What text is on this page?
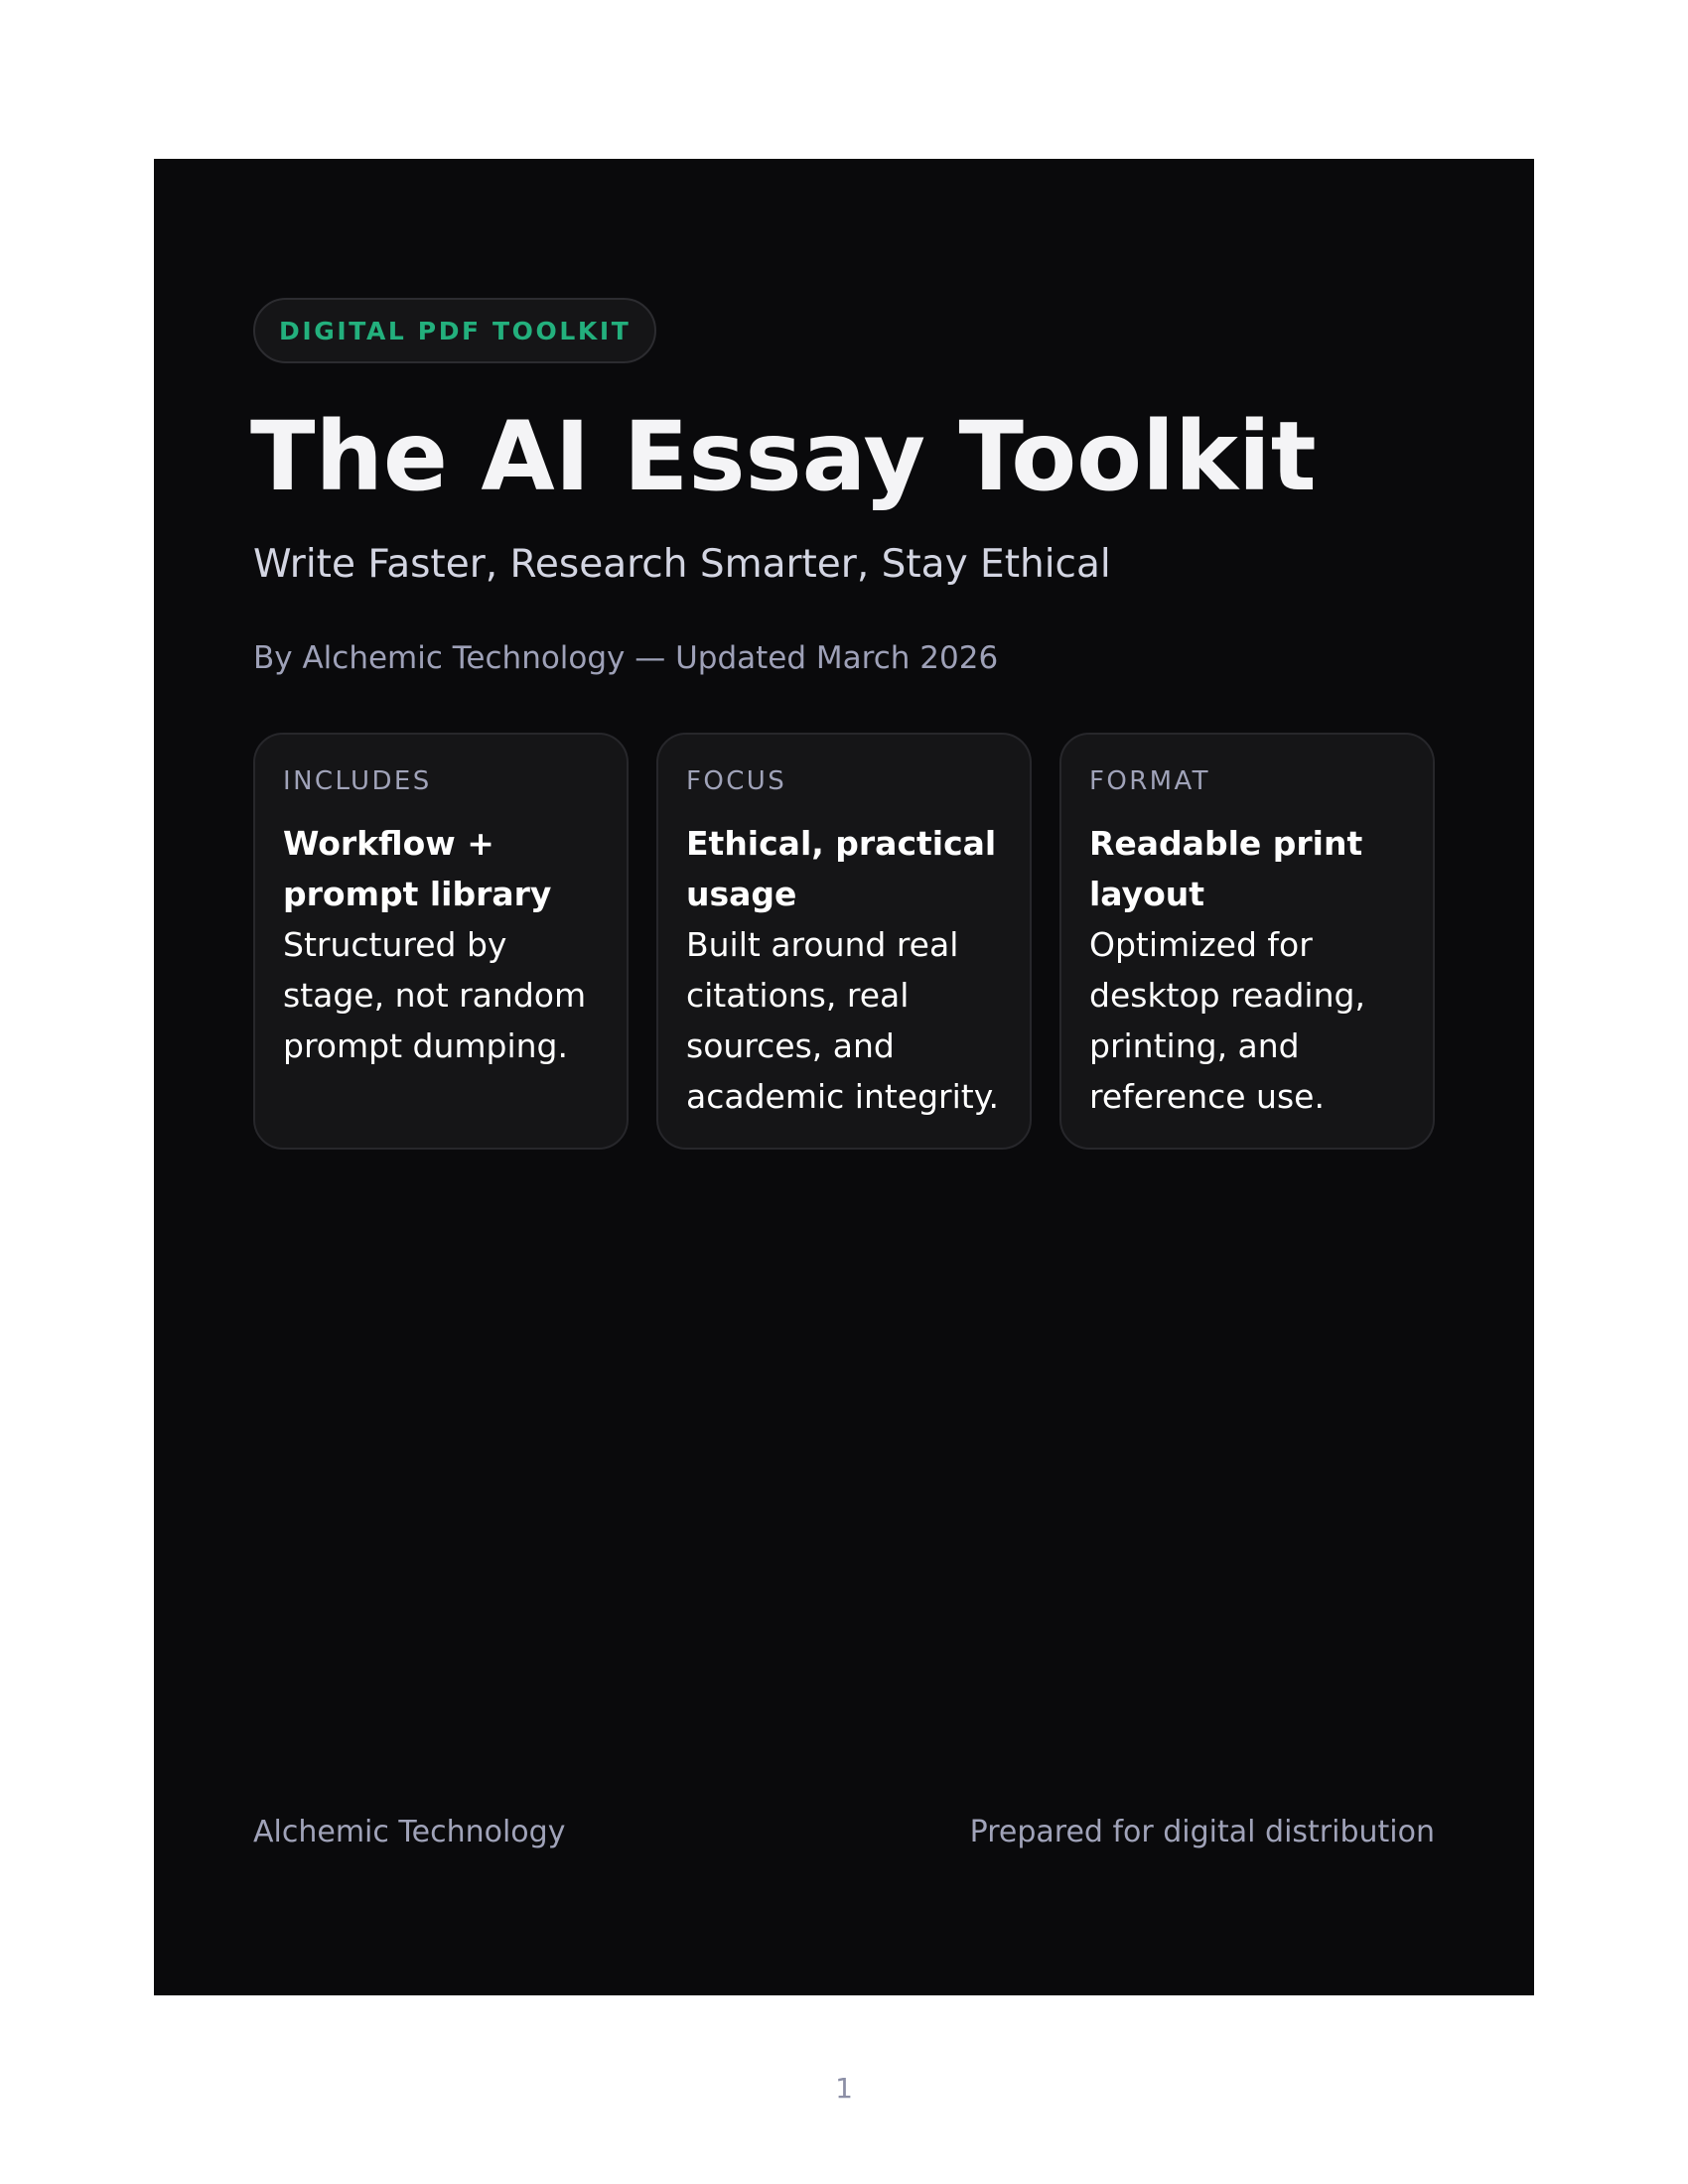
DIGITAL PDF TOOLKIT
The AI Essay Toolkit
Write Faster, Research Smarter, Stay Ethical
By Alchemic Technology — Updated March 2026
INCLUDES
Workflow + prompt library
Structured by stage, not random prompt dumping.
FOCUS
Ethical, practical usage
Built around real citations, real sources, and academic integrity.
FORMAT
Readable print layout
Optimized for desktop reading, printing, and reference use.
Alchemic Technology	Prepared for digital distribution
1
